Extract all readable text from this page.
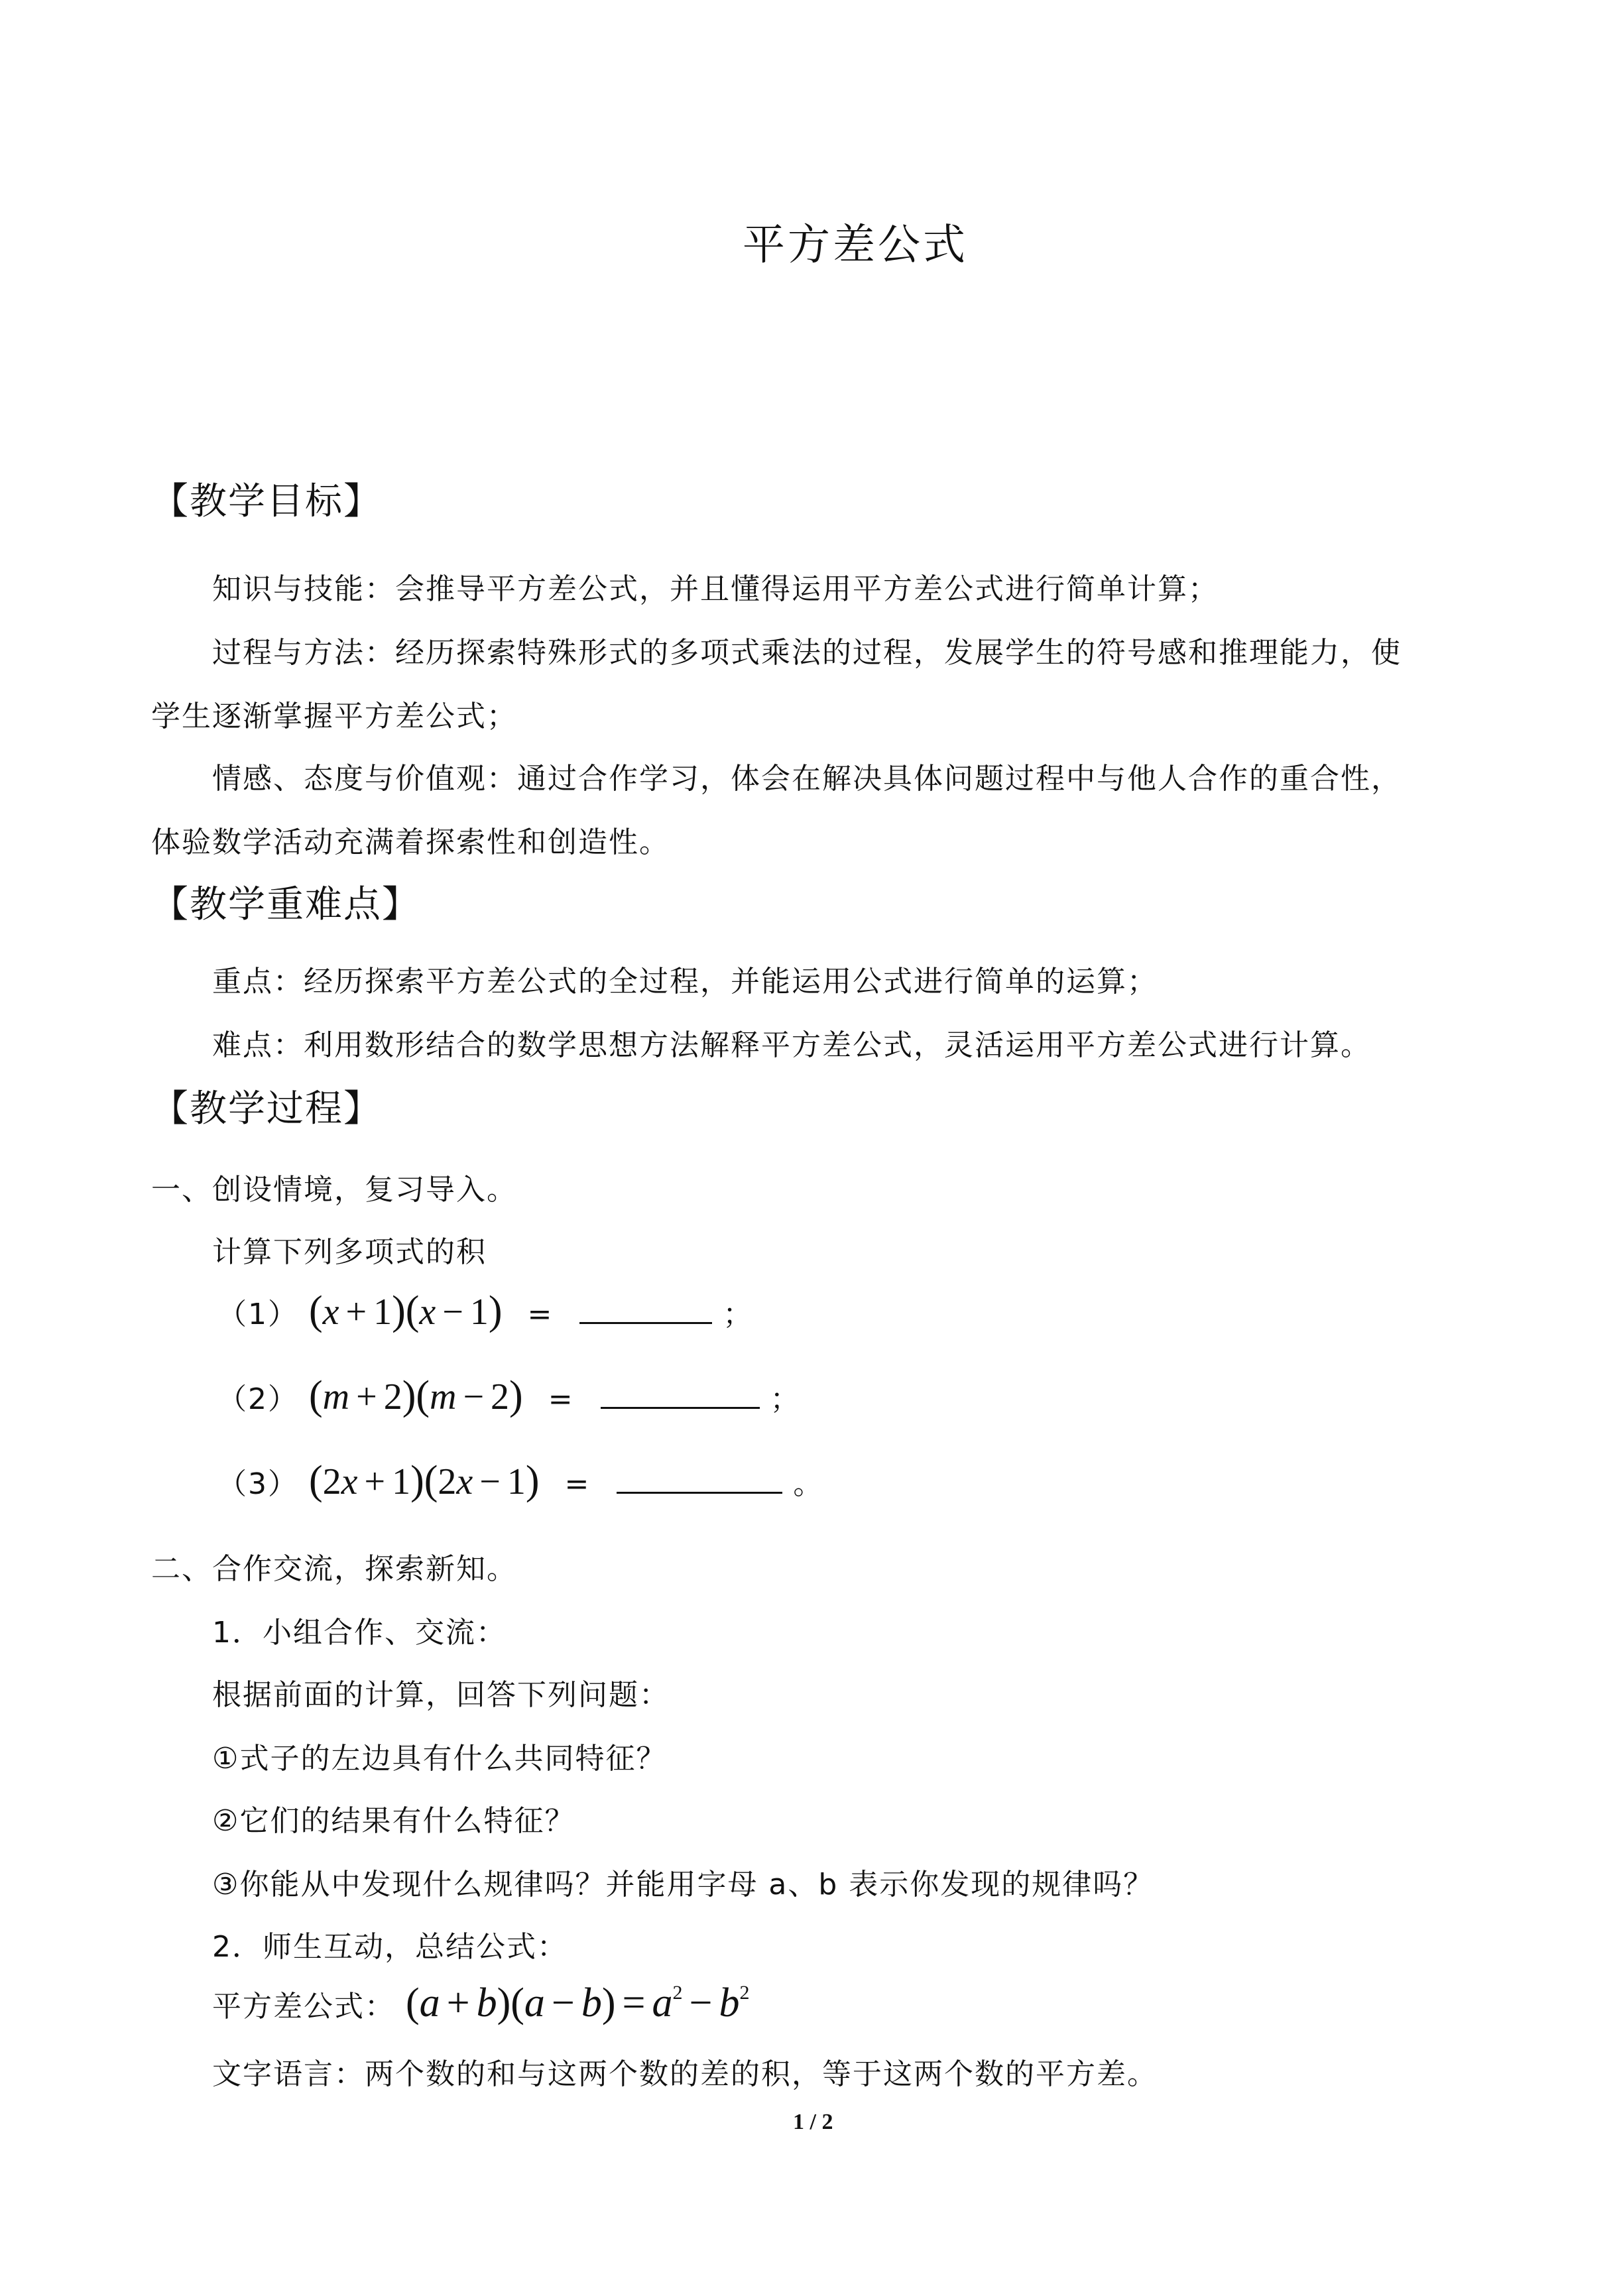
平方差公式
【教学目标】
知识与技能：会推导平方差公式，并且懂得运用平方差公式进行简单计算；
过程与方法：经历探索特殊形式的多项式乘法的过程，发展学生的符号感和推理能力，使
学生逐渐掌握平方差公式；
情感、态度与价值观：通过合作学习，体会在解决具体问题过程中与他人合作的重合性，
体验数学活动充满着探索性和创造性。
【教学重难点】
重点：经历探索平方差公式的全过程，并能运用公式进行简单的运算；
难点：利用数形结合的数学思想方法解释平方差公式，灵活运用平方差公式进行计算。
【教学过程】
一、创设情境，复习导入。
计算下列多项式的积
（1） (x + 1)(x − 1) =	；
（2） (m + 2)(m − 2) =	；
（3） (2x + 1)(2x − 1) =	。
二、合作交流，探索新知。
1．小组合作、交流：
根据前面的计算，回答下列问题：
①式子的左边具有什么共同特征？
②它们的结果有什么特征？
③你能从中发现什么规律吗？并能用字母 a、b 表示你发现的规律吗？
2．师生互动，总结公式：
平方差公式： $(a + b)(a - b) = a^2 - b^2$
文字语言：两个数的和与这两个数的差的积，等于这两个数的平方差。
1 / 2
